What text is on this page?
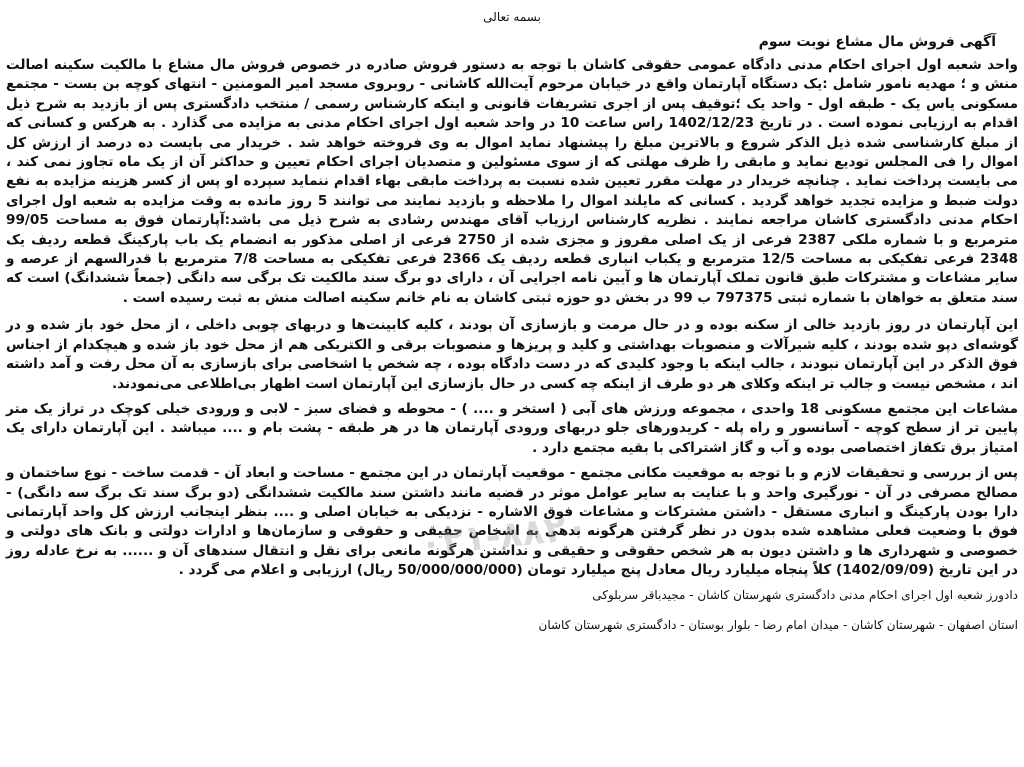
بسمه تعالی
آگهی فروش مال مشاع نوبت سوم

واحد شعبه اول اجرای احکام مدنی دادگاه عمومی حقوقی کاشان با توجه به دستور فروش صادره در خصوص فروش مال مشاع با مالکیت سکینه اصالت منش و ؛ مهدیه نامور شامل :یک دستگاه آپارتمان واقع در خیابان مرحوم آیت‌الله کاشانی - روبروی مسجد امیر المومنین - انتهای کوچه بن بست - مجتمع مسکونی یاس یک - طبقه اول - واحد یک ؛توقیف پس از اجری تشریفات قانونی و اینکه کارشناس رسمی / منتخب دادگستری پس از بازدید به شرح ذیل اقدام به ارزیابی نموده است . در تاریخ 1402/12/23 راس ساعت 10 در واحد شعبه اول اجرای احکام مدنی به مزایده می گذارد . به هرکس و کسانی که از مبلغ کارشناسی شده ذیل الذکر شروع و بالاترین مبلغ را پیشنهاد نماید اموال به وی فروخته خواهد شد . خریدار می بایست ده درصد از ارزش کل اموال را فی المجلس تودیع نماید و مابقی را ظرف مهلتی که از سوی مسئولین و متصدیان اجرای احکام تعیین و حداکثر آن از یک ماه تجاوز نمی کند ، می بایست پرداخت نماید . چنانچه خریدار در مهلت مقرر تعیین شده نسبت به پرداخت مابقی بهاء اقدام ننماید سپرده او پس از کسر هزینه مزایده به نفع دولت ضبط و مزایده تجدید خواهد گردید . کسانی که مایلند اموال را ملاحظه و بازدید نمایند می توانند 5 روز مانده به وقت مزایده به شعبه اول اجرای احکام مدنی دادگستری کاشان مراجعه نمایند . نظریه کارشناس ارزیاب آقای مهندس رشادی به شرح ذیل می باشد:آپارتمان فوق به مساحت 99/05 مترمربع و با شماره ملکی 2387 فرعی از یک اصلی مفروز و مجزی شده از 2750 فرعی از اصلی مذکور به انضمام یک باب پارکینگ قطعه ردیف یک 2348 فرعی تفکیکی به مساحت 12/5 مترمربع و یکباب انباری قطعه ردیف یک 2366 فرعی تفکیکی به مساحت 7/8 مترمربع با قدرالسهم از عرصه و سایر مشاعات و مشترکات طبق قانون تملک آپارتمان ها و آیین نامه اجرایی آن ، دارای دو برگ سند مالکیت تک برگی سه دانگی (جمعاً ششدانگ) است که سند متعلق به خواهان با شماره ثبتی 797375 ب 99 در بخش دو حوزه ثبتی کاشان به نام خانم سکینه اصالت منش به ثبت رسیده است .

این آپارتمان در روز بازدید خالی از سکنه بوده و در حال مرمت و بازسازی آن بودند ، کلیه کابینت‌ها و دربهای چوبی داخلی ، از محل خود باز شده و در گوشه‌ای دپو شده بودند ، کلیه شیرآلات و منصوبات بهداشتی و کلید و پریزها و منصوبات برقی و الکتریکی هم از محل خود باز شده و هیچکدام از اجناس فوق الذکر در این آپارتمان نبودند ، جالب اینکه با وجود کلیدی که در دست دادگاه بوده ، چه شخص یا اشخاصی برای بازسازی به آن محل رفت و آمد داشته اند ، مشخص نیست و جالب تر اینکه وکلای هر دو طرف از اینکه چه کسی در حال بازسازی این آپارتمان است اظهار بی‌اطلاعی می‌نمودند.

مشاعات این مجتمع مسکونی 18 واحدی ، مجموعه ورزش های آبی ( استخر و .... ) - محوطه و فضای سبز - لابی و ورودی خیلی کوچک در تراز یک متر پایین تر از سطح کوچه - آسانسور و راه پله - کریدورهای جلو دربهای ورودی آپارتمان ها در هر طبقه - پشت بام و .... میباشد . این آپارتمان دارای یک امتیاز برق تکفاز اختصاصی بوده و آب و گاز اشتراکی با بقیه مجتمع دارد .

پس از بررسی و تحقیقات لازم و با توجه به موقعیت مکانی مجتمع - موقعیت آپارتمان در این مجتمع - مساحت و ابعاد آن - قدمت ساخت - نوع ساختمان و مصالح مصرفی در آن - نورگیری واحد و با عنایت به سایر عوامل موثر در قضیه مانند داشتن سند مالکیت ششدانگی (دو برگ سند تک برگ سه دانگی) - دارا بودن پارکینگ و انباری مستقل - داشتن مشترکات و مشاعات فوق الاشاره - نزدیکی به خیابان اصلی و .... بنظر اینجانب ارزش کل واحد آپارتمانی فوق با وضعیت فعلی مشاهده شده بدون در نظر گرفتن هرگونه بدهی به اشخاص حقیقی و حقوقی و سازمان‌ها و ادارات دولتی و بانک های دولتی و خصوصی و شهرداری ها و داشتن دیون به هر شخص حقوقی و حقیقی و نداشتن هرگونه مانعی برای نقل و انتقال سندهای آن و ...... به نرخ عادله روز در این تاریخ (1402/09/09) کلاً پنجاه میلیارد ریال معادل پنج میلیارد تومان (50/000/000/000 ریال) ارزیابی و اعلام می گردد .

دادورز شعبه اول اجرای احکام مدنی دادگستری شهرستان کاشان - مجیدباقر سربلوکی
استان اصفهان - شهرستان کاشان - میدان امام رضا - بلوار بوستان - دادگستری شهرستان کاشان
۰۲۱-۸۸۲۰
